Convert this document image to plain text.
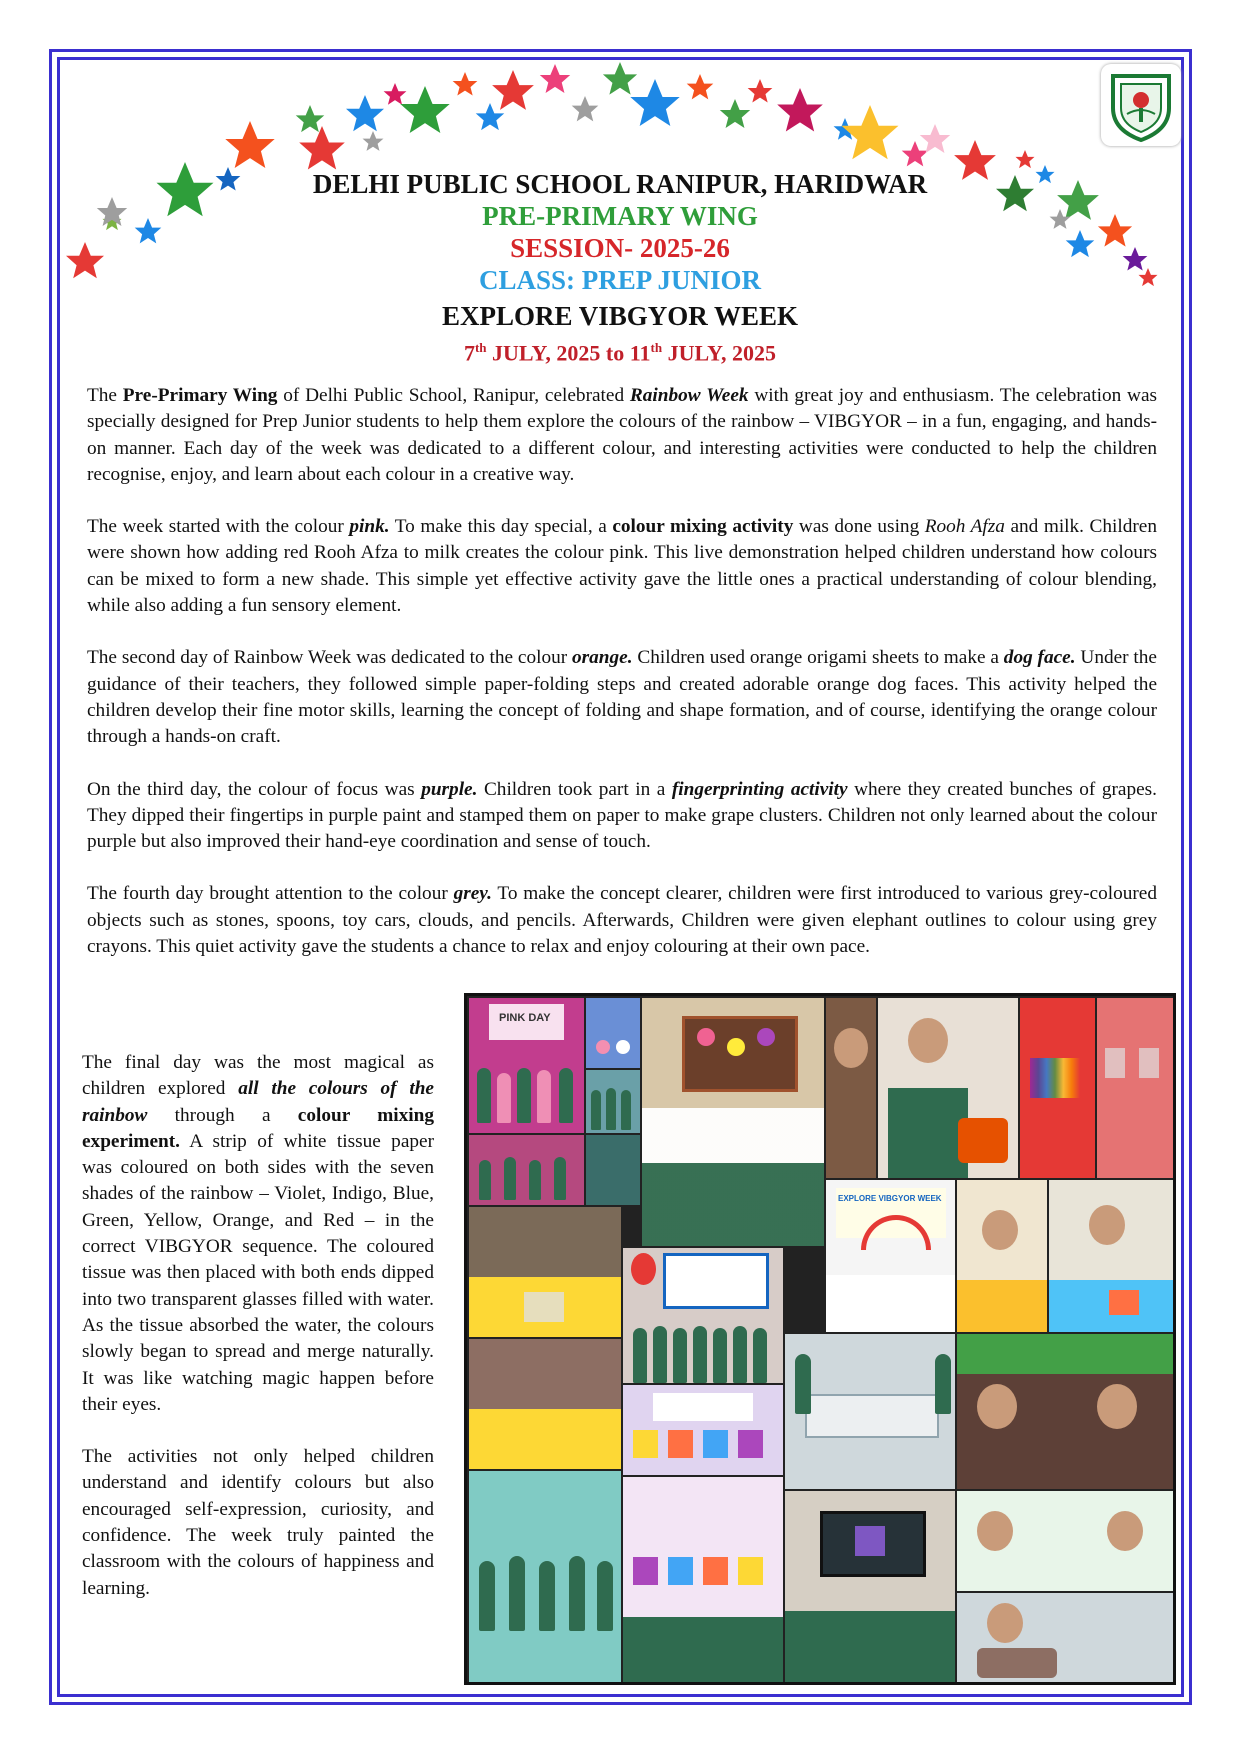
DELHI PUBLIC SCHOOL RANIPUR, HARIDWAR
PRE-PRIMARY WING
SESSION- 2025-26
CLASS: PREP JUNIOR
EXPLORE VIBGYOR WEEK
7th JULY, 2025 to 11th JULY, 2025

The Pre-Primary Wing of Delhi Public School, Ranipur, celebrated Rainbow Week with great joy and enthusiasm. The celebration was specially designed for Prep Junior students to help them explore the colours of the rainbow – VIBGYOR – in a fun, engaging, and hands-on manner. Each day of the week was dedicated to a different colour, and interesting activities were conducted to help the children recognise, enjoy, and learn about each colour in a creative way.

The week started with the colour pink. To make this day special, a colour mixing activity was done using Rooh Afza and milk. Children were shown how adding red Rooh Afza to milk creates the colour pink. This live demonstration helped children understand how colours can be mixed to form a new shade. This simple yet effective activity gave the little ones a practical understanding of colour blending, while also adding a fun sensory element.

The second day of Rainbow Week was dedicated to the colour orange. Children used orange origami sheets to make a dog face. Under the guidance of their teachers, they followed simple paper-folding steps and created adorable orange dog faces. This activity helped the children develop their fine motor skills, learning the concept of folding and shape formation, and of course, identifying the orange colour through a hands-on craft.

On the third day, the colour of focus was purple. Children took part in a fingerprinting activity where they created bunches of grapes. They dipped their fingertips in purple paint and stamped them on paper to make grape clusters. Children not only learned about the colour purple but also improved their hand-eye coordination and sense of touch.

The fourth day brought attention to the colour grey. To make the concept clearer, children were first introduced to various grey-coloured objects such as stones, spoons, toy cars, clouds, and pencils. Afterwards, Children were given elephant outlines to colour using grey crayons. This quiet activity gave the students a chance to relax and enjoy colouring at their own pace.

The final day was the most magical as children explored all the colours of the rainbow through a colour mixing experiment. A strip of white tissue paper was coloured on both sides with the seven shades of the rainbow – Violet, Indigo, Blue, Green, Yellow, Orange, and Red – in the correct VIBGYOR sequence. The coloured tissue was then placed with both ends dipped into two transparent glasses filled with water. As the tissue absorbed the water, the colours slowly began to spread and merge naturally. It was like watching magic happen before their eyes.

The activities not only helped children understand and identify colours but also encouraged self-expression, curiosity, and confidence. The week truly painted the classroom with the colours of happiness and learning.

PINK DAY
EXPLORE VIBGYOR WEEK
